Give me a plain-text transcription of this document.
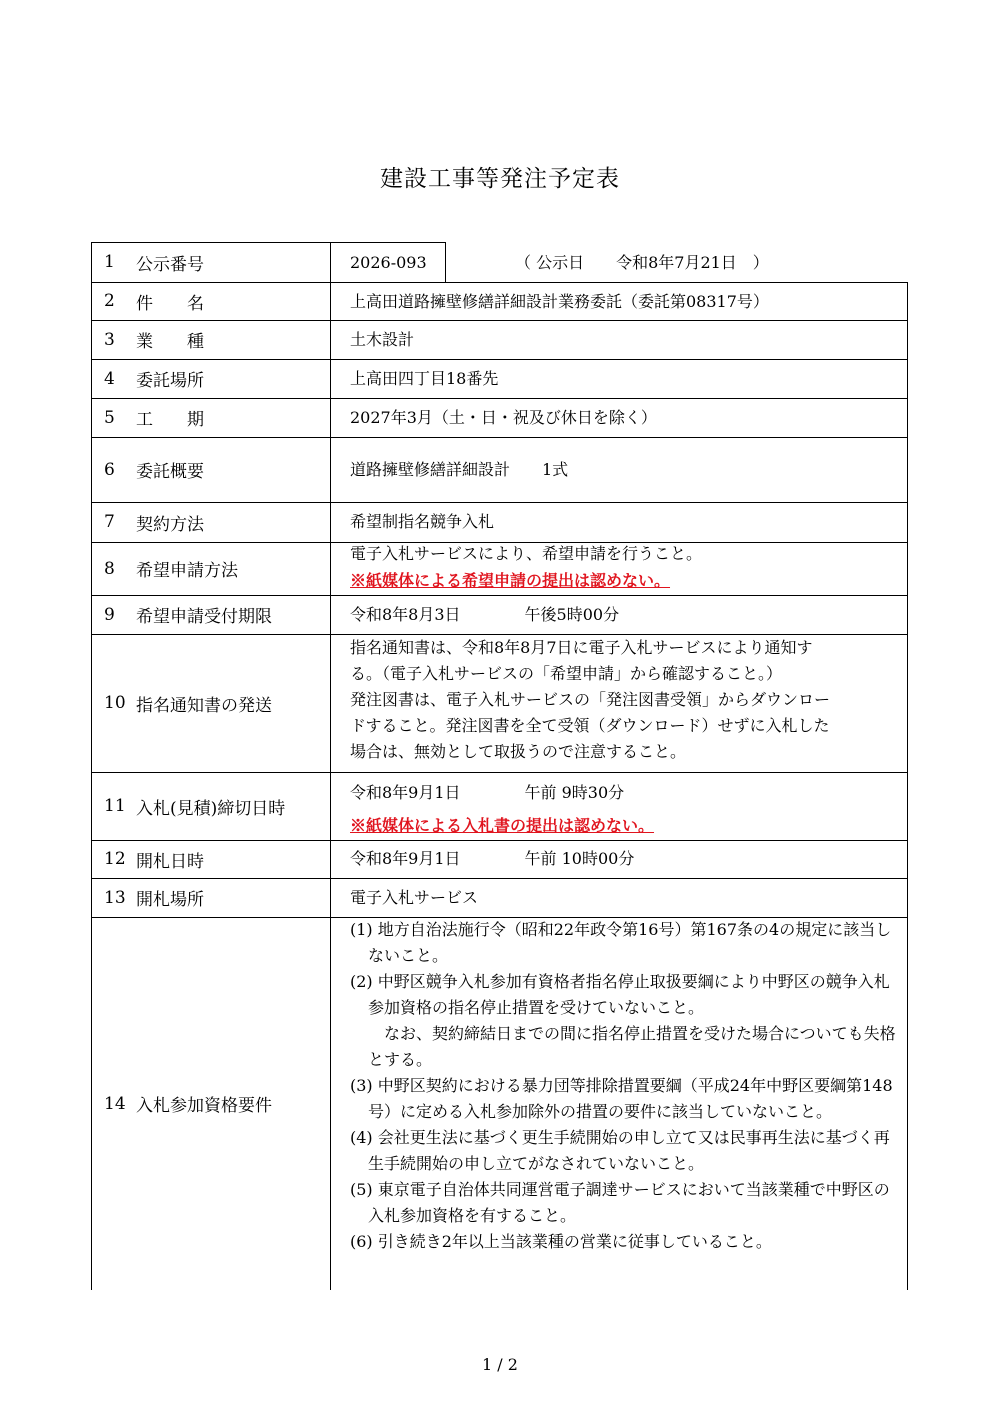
建設工事等発注予定表
1	公示番号	2026-093	（ 公示日　　令和8年7月21日　）
2	件　　名	上高田道路擁壁修繕詳細設計業務委託（委託第08317号）
3	業　　種	土木設計
4	委託場所	上高田四丁目18番先
5	工　　期	2027年3月（土・日・祝及び休日を除く）
6	委託概要	道路擁壁修繕詳細設計　　1式
7	契約方法	希望制指名競争入札
8	希望申請方法
電子入札サービスにより、希望申請を行うこと。
※紙媒体による希望申請の提出は認めない。
9	希望申請受付期限	令和8年8月3日　　　　午後5時00分
10 指名通知書の発送
指名通知書は、令和8年8月7日に電子入札サービスにより通知す
る。（電子入札サービスの「希望申請」から確認すること。）
発注図書は、電子入札サービスの「発注図書受領」からダウンロー
ドすること。発注図書を全て受領（ダウンロード）せずに入札した
場合は、無効として取扱うので注意すること。
11 入札(見積)締切日時
令和8年9月1日　　　　午前 9時30分
※紙媒体による入札書の提出は認めない。
12 開札日時	令和8年9月1日　　　　午前 10時00分
13 開札場所	電子入札サービス
14 入札参加資格要件
(1) 地方自治法施行令（昭和22年政令第16号）第167条の4の規定に該当しないこと。
(2) 中野区競争入札参加有資格者指名停止取扱要綱により中野区の競争入札参加資格の指名停止措置を受けていないこと。
　なお、契約締結日までの間に指名停止措置を受けた場合についても失格とする。
(3) 中野区契約における暴力団等排除措置要綱（平成24年中野区要綱第148号）に定める入札参加除外の措置の要件に該当していないこと。
(4) 会社更生法に基づく更生手続開始の申し立て又は民事再生法に基づく再生手続開始の申し立てがなされていないこと。
(5) 東京電子自治体共同運営電子調達サービスにおいて当該業種で中野区の入札参加資格を有すること。
(6) 引き続き2年以上当該業種の営業に従事していること。
1 / 2
